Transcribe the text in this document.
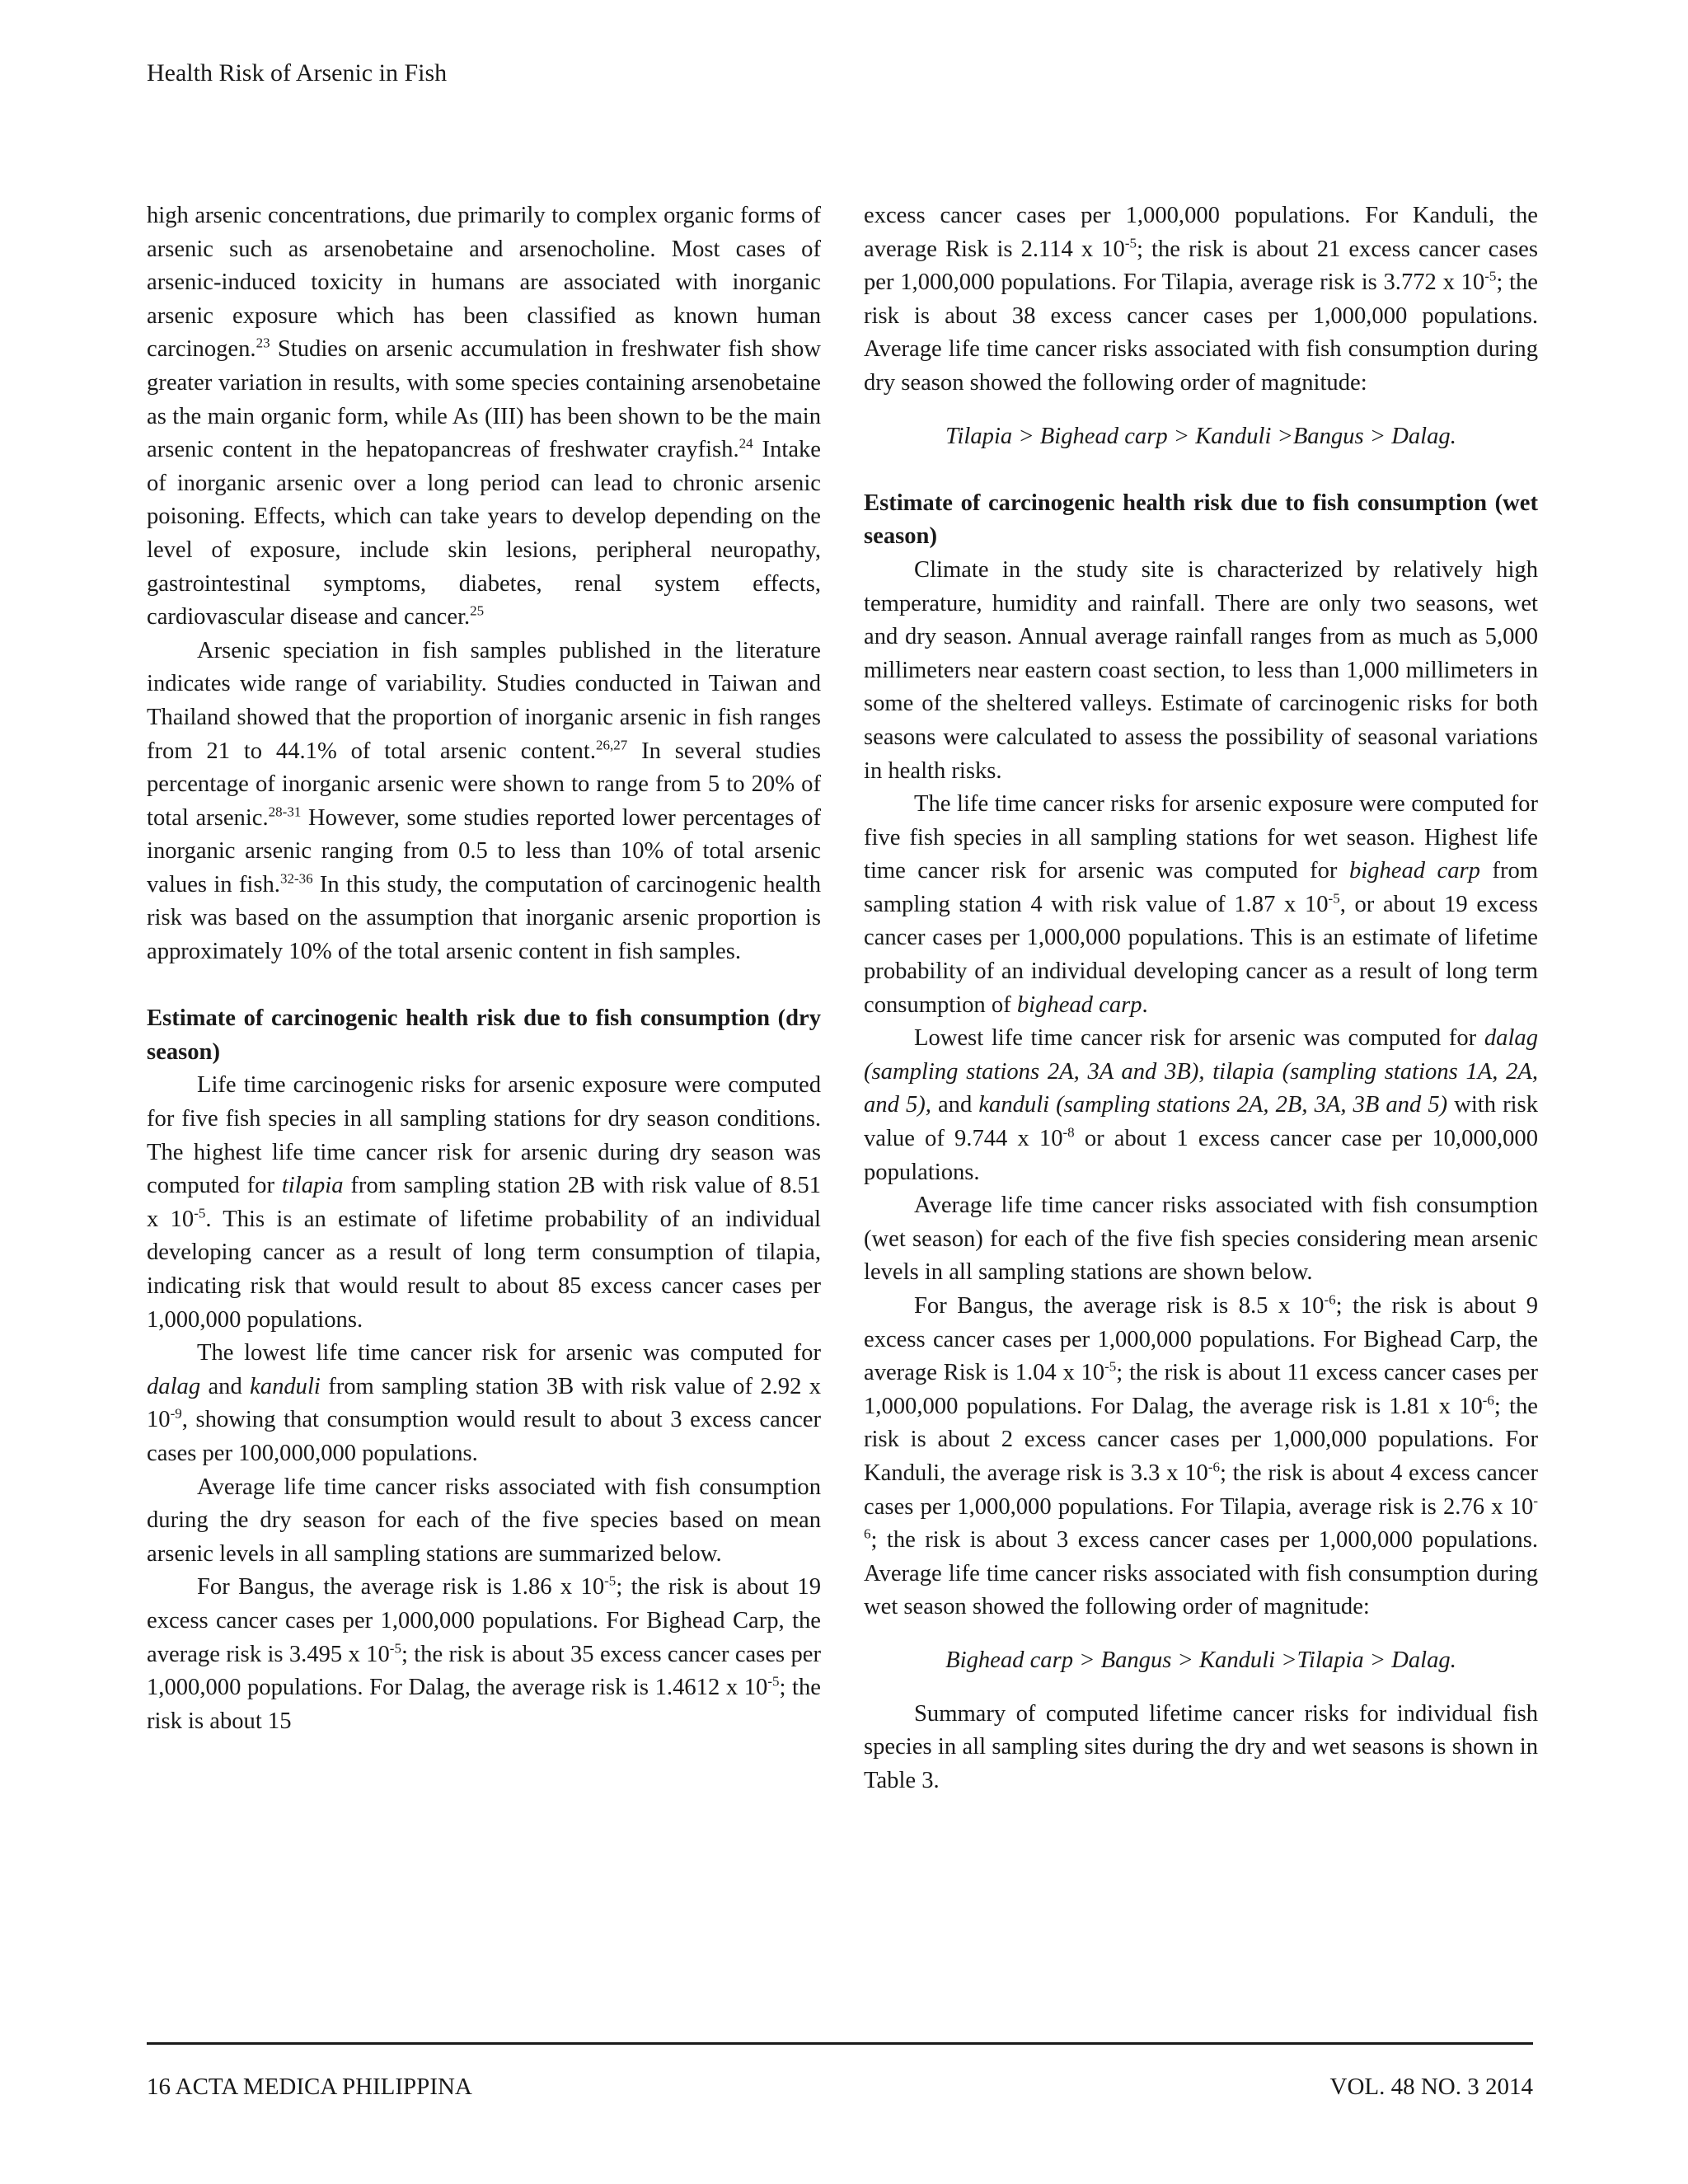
Health Risk of Arsenic in Fish

high arsenic concentrations, due primarily to complex organic forms of arsenic such as arsenobetaine and arsenocholine. Most cases of arsenic-induced toxicity in humans are associated with inorganic arsenic exposure which has been classified as known human carcinogen.$^{23}$ Studies on arsenic accumulation in freshwater fish show greater variation in results, with some species containing arsenobetaine as the main organic form, while As (III) has been shown to be the main arsenic content in the hepatopancreas of freshwater crayfish.$^{24}$ Intake of inorganic arsenic over a long period can lead to chronic arsenic poisoning. Effects, which can take years to develop depending on the level of exposure, include skin lesions, peripheral neuropathy, gastrointestinal symptoms, diabetes, renal system effects, cardiovascular disease and cancer.$^{25}$

Arsenic speciation in fish samples published in the literature indicates wide range of variability. Studies conducted in Taiwan and Thailand showed that the proportion of inorganic arsenic in fish ranges from 21 to 44.1% of total arsenic content.$^{26,27}$ In several studies percentage of inorganic arsenic were shown to range from 5 to 20% of total arsenic.$^{28-31}$ However, some studies reported lower percentages of inorganic arsenic ranging from 0.5 to less than 10% of total arsenic values in fish.$^{32-36}$ In this study, the computation of carcinogenic health risk was based on the assumption that inorganic arsenic proportion is approximately 10% of the total arsenic content in fish samples.

Estimate of carcinogenic health risk due to fish consumption (dry season)

Life time carcinogenic risks for arsenic exposure were computed for five fish species in all sampling stations for dry season conditions. The highest life time cancer risk for arsenic during dry season was computed for tilapia from sampling station 2B with risk value of 8.51 x $10^{-5}$. This is an estimate of lifetime probability of an individual developing cancer as a result of long term consumption of tilapia, indicating risk that would result to about 85 excess cancer cases per 1,000,000 populations.

The lowest life time cancer risk for arsenic was computed for dalag and kanduli from sampling station 3B with risk value of 2.92 x $10^{-9}$, showing that consumption would result to about 3 excess cancer cases per 100,000,000 populations.

Average life time cancer risks associated with fish consumption during the dry season for each of the five species based on mean arsenic levels in all sampling stations are summarized below.

For Bangus, the average risk is 1.86 x $10^{-5}$; the risk is about 19 excess cancer cases per 1,000,000 populations. For Bighead Carp, the average risk is 3.495 x $10^{-5}$; the risk is about 35 excess cancer cases per 1,000,000 populations. For Dalag, the average risk is 1.4612 x $10^{-5}$; the risk is about 15

excess cancer cases per 1,000,000 populations. For Kanduli, the average Risk is 2.114 x $10^{-5}$; the risk is about 21 excess cancer cases per 1,000,000 populations. For Tilapia, average risk is 3.772 x $10^{-5}$; the risk is about 38 excess cancer cases per 1,000,000 populations. Average life time cancer risks associated with fish consumption during dry season showed the following order of magnitude:

Tilapia > Bighead carp > Kanduli >Bangus > Dalag.

Estimate of carcinogenic health risk due to fish consumption (wet season)

Climate in the study site is characterized by relatively high temperature, humidity and rainfall. There are only two seasons, wet and dry season. Annual average rainfall ranges from as much as 5,000 millimeters near eastern coast section, to less than 1,000 millimeters in some of the sheltered valleys. Estimate of carcinogenic risks for both seasons were calculated to assess the possibility of seasonal variations in health risks.

The life time cancer risks for arsenic exposure were computed for five fish species in all sampling stations for wet season. Highest life time cancer risk for arsenic was computed for bighead carp from sampling station 4 with risk value of 1.87 x $10^{-5}$, or about 19 excess cancer cases per 1,000,000 populations. This is an estimate of lifetime probability of an individual developing cancer as a result of long term consumption of bighead carp.

Lowest life time cancer risk for arsenic was computed for dalag (sampling stations 2A, 3A and 3B), tilapia (sampling stations 1A, 2A, and 5), and kanduli (sampling stations 2A, 2B, 3A, 3B and 5) with risk value of 9.744 x $10^{-8}$ or about 1 excess cancer case per 10,000,000 populations.

Average life time cancer risks associated with fish consumption (wet season) for each of the five fish species considering mean arsenic levels in all sampling stations are shown below.

For Bangus, the average risk is 8.5 x $10^{-6}$; the risk is about 9 excess cancer cases per 1,000,000 populations. For Bighead Carp, the average Risk is 1.04 x $10^{-5}$; the risk is about 11 excess cancer cases per 1,000,000 populations. For Dalag, the average risk is 1.81 x $10^{-6}$; the risk is about 2 excess cancer cases per 1,000,000 populations. For Kanduli, the average risk is 3.3 x $10^{-6}$; the risk is about 4 excess cancer cases per 1,000,000 populations. For Tilapia, average risk is 2.76 x $10^{-6}$; the risk is about 3 excess cancer cases per 1,000,000 populations. Average life time cancer risks associated with fish consumption during wet season showed the following order of magnitude:

Bighead carp > Bangus > Kanduli >Tilapia > Dalag.

Summary of computed lifetime cancer risks for individual fish species in all sampling sites during the dry and wet seasons is shown in Table 3.

16 ACTA MEDICA PHILIPPINA	VOL. 48 NO. 3 2014
